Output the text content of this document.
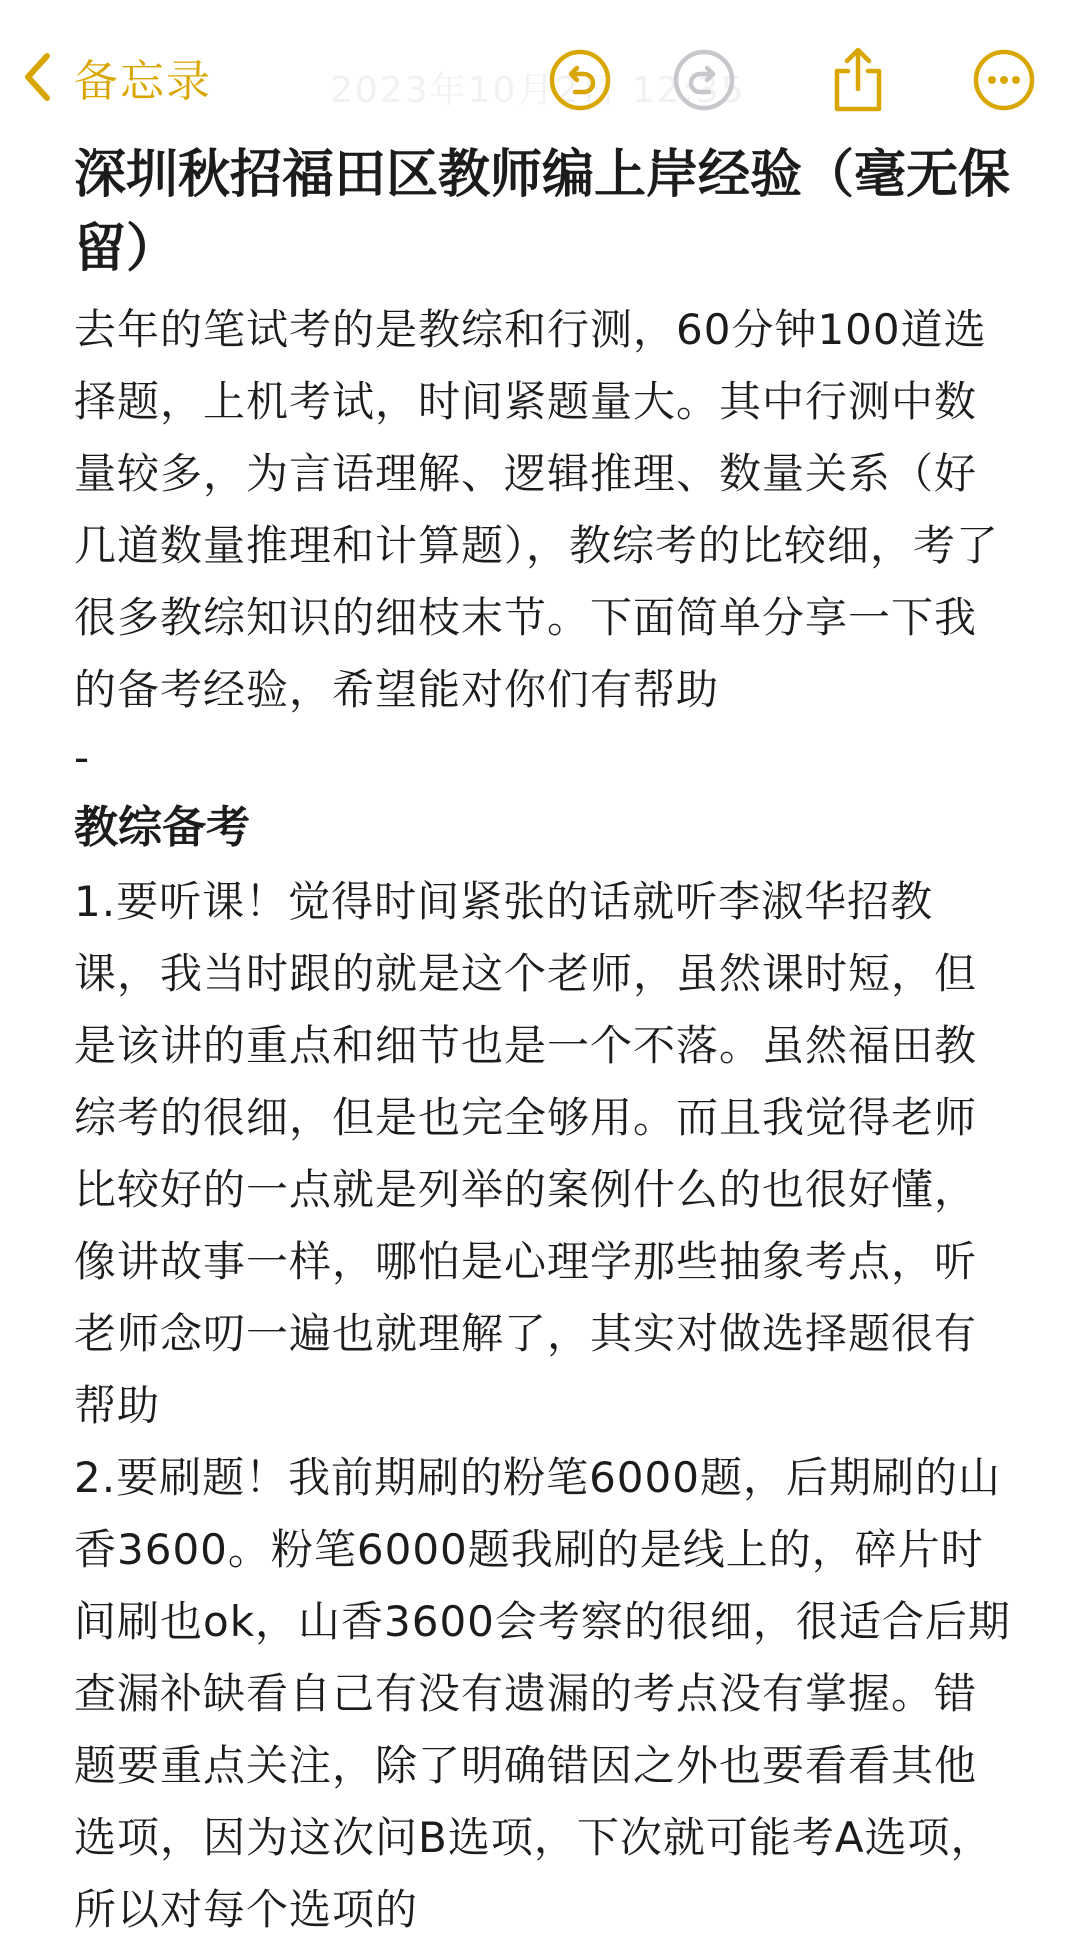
备忘录	2023年10月2日 12:35
深圳秋招福田区教师编上岸经验（毫无保留）

去年的笔试考的是教综和行测，60分钟100道选择题，上机考试，时间紧题量大。其中行测中数量较多，为言语理解、逻辑推理、数量关系（好几道数量推理和计算题），教综考的比较细，考了很多教综知识的细枝末节。下面简单分享一下我的备考经验，希望能对你们有帮助

-

教综备考

1.要听课！觉得时间紧张的话就听李淑华招教课，我当时跟的就是这个老师，虽然课时短，但是该讲的重点和细节也是一个不落。虽然福田教综考的很细，但是也完全够用。而且我觉得老师比较好的一点就是列举的案例什么的也很好懂，像讲故事一样，哪怕是心理学那些抽象考点，听老师念叨一遍也就理解了，其实对做选择题很有帮助

2.要刷题！我前期刷的粉笔6000题，后期刷的山香3600。粉笔6000题我刷的是线上的，碎片时间刷也ok，山香3600会考察的很细，很适合后期查漏补缺看自己有没有遗漏的考点没有掌握。错题要重点关注，除了明确错因之外也要看看其他选项，因为这次问B选项，下次就可能考A选项，所以对每个选项的
